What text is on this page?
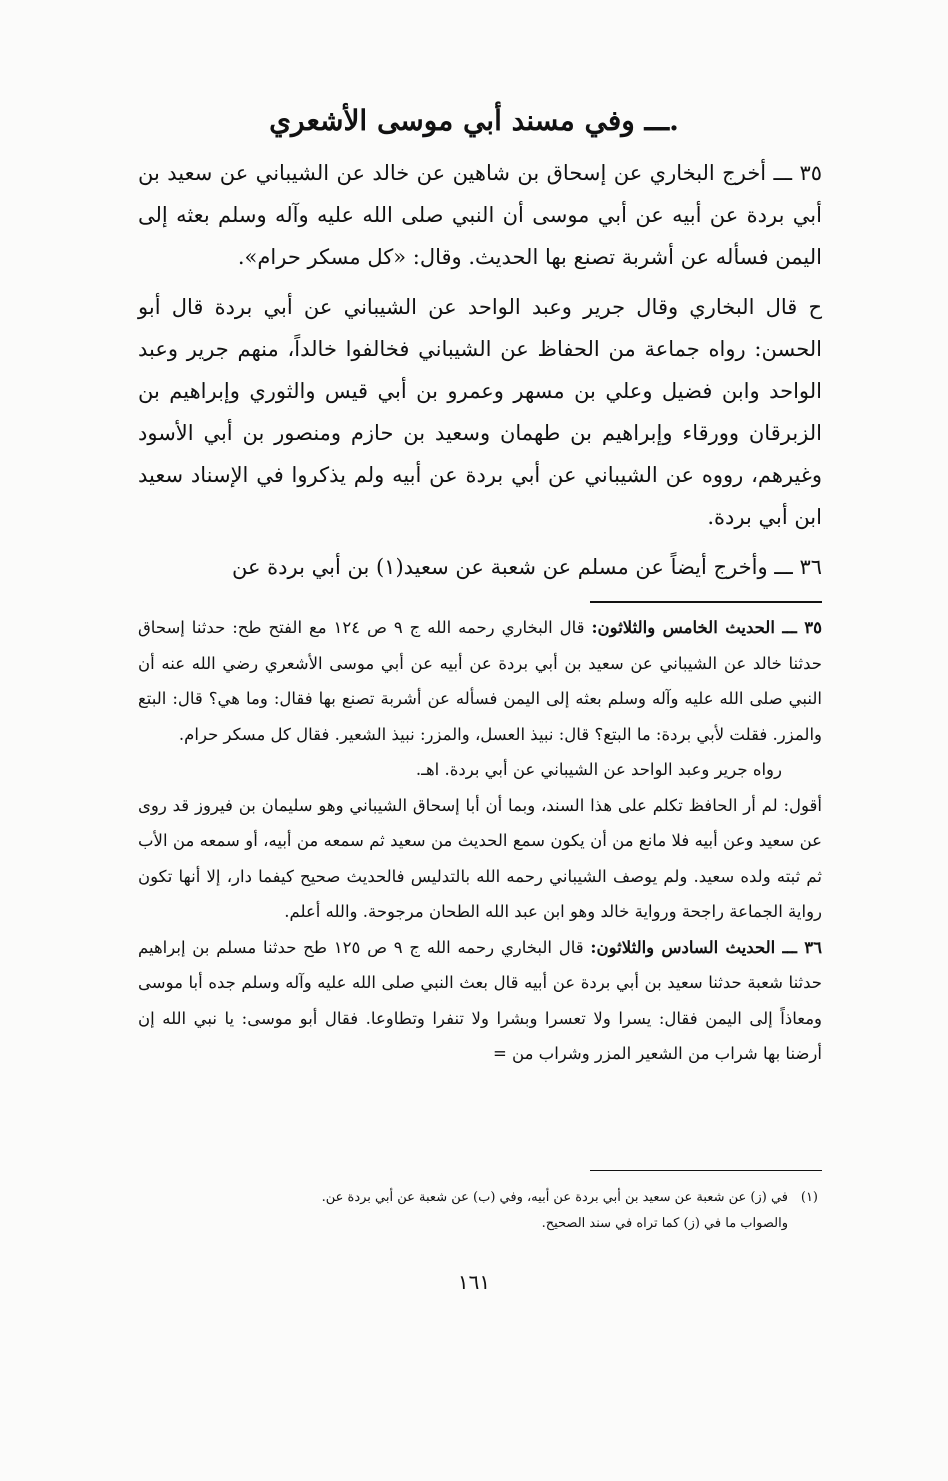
ـــ وفي مسند أبي موسى الأشعري.

٣٥ ـــ أخرج البخاري عن إسحاق بن شاهين عن خالد عن الشيباني عن سعيد بن أبي بردة عن أبيه عن أبي موسى أن النبي صلى الله عليه وآله وسلم بعثه إلى اليمن فسأله عن أشربة تصنع بها الحديث. وقال: «كل مسكر حرام».

ح قال البخاري وقال جرير وعبد الواحد عن الشيباني عن أبي بردة قال أبو الحسن: رواه جماعة من الحفاظ عن الشيباني فخالفوا خالداً، منهم جرير وعبد الواحد وابن فضيل وعلي بن مسهر وعمرو بن أبي قيس والثوري وإبراهيم بن الزبرقان وورقاء وإبراهيم بن طهمان وسعيد بن حازم ومنصور بن أبي الأسود وغيرهم، رووه عن الشيباني عن أبي بردة عن أبيه ولم يذكروا في الإسناد سعيد ابن أبي بردة.

٣٦ ـــ وأخرج أيضاً عن مسلم عن شعبة عن سعيد(١) بن أبي بردة عن

٣٥ ـــ الحديث الخامس والثلاثون: قال البخاري رحمه الله ج ٩ ص ١٢٤ مع الفتح طح: حدثنا إسحاق حدثنا خالد عن الشيباني عن سعيد بن أبي بردة عن أبيه عن أبي موسى الأشعري رضي الله عنه أن النبي صلى الله عليه وآله وسلم بعثه إلى اليمن فسأله عن أشربة تصنع بها فقال: وما هي؟ قال: البتع والمزر. فقلت لأبي بردة: ما البتع؟ قال: نبيذ العسل، والمزر: نبيذ الشعير. فقال كل مسكر حرام.

رواه جرير وعبد الواحد عن الشيباني عن أبي بردة. اهـ.

أقول: لم أر الحافظ تكلم على هذا السند، وبما أن أبا إسحاق الشيباني وهو سليمان بن فيروز قد روى عن سعيد وعن أبيه فلا مانع من أن يكون سمع الحديث من سعيد ثم سمعه من أبيه، أو سمعه من الأب ثم ثبته ولده سعيد. ولم يوصف الشيباني رحمه الله بالتدليس فالحديث صحيح كيفما دار، إلا أنها تكون رواية الجماعة راجحة ورواية خالد وهو ابن عبد الله الطحان مرجوحة. والله أعلم.

٣٦ ـــ الحديث السادس والثلاثون: قال البخاري رحمه الله ج ٩ ص ١٢٥ طح حدثنا مسلم بن إبراهيم حدثنا شعبة حدثنا سعيد بن أبي بردة عن أبيه قال بعث النبي صلى الله عليه وآله وسلم جده أبا موسى ومعاذاً إلى اليمن فقال: يسرا ولا تعسرا وبشرا ولا تنفرا وتطاوعا. فقال أبو موسى: يا نبي الله إن أرضنا بها شراب من الشعير المزر وشراب من =

(١)
في (ز) عن شعبة عن سعيد بن أبي بردة عن أبيه، وفي (ب) عن شعبة عن أبي بردة عن.
والصواب ما في (ز) كما تراه في سند الصحيح.
١٦١
